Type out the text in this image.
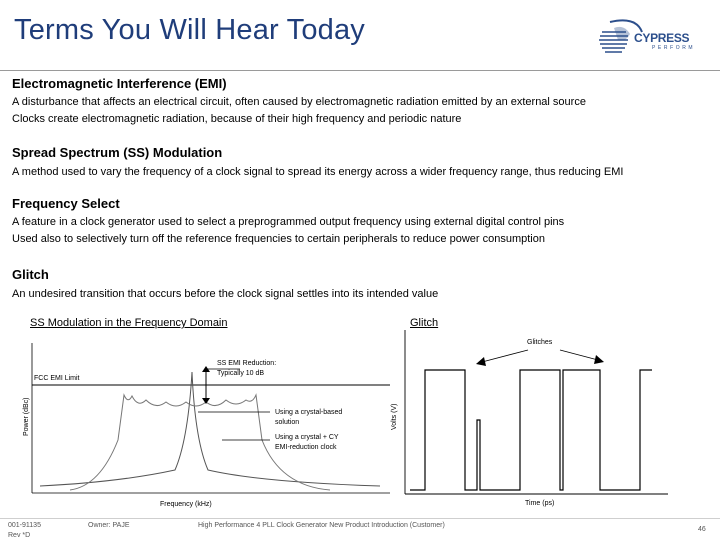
Terms You Will Hear Today	CYPRESS
PERFORM
Electromagnetic Interference (EMI)
A disturbance that affects an electrical circuit, often caused by electromagnetic radiation emitted by an external source
Clocks create electromagnetic radiation, because of their high frequency and periodic nature
Spread Spectrum (SS) Modulation
A method used to vary the frequency of a clock signal to spread its energy across a wider frequency range, thus reducing EMI
Frequency Select
A feature in a clock generator used to select a preprogrammed output frequency using external digital control pins
Used also to selectively turn off the reference frequencies to certain peripherals to reduce power consumption
Glitch
An undesired transition that occurs before the clock signal settles into its intended value
SS Modulation in the Frequency Domain	Glitch
Power (dBc)
FCC EMI Limit
SS EMI Reduction:
Typically 10 dB
Using a crystal-based
solution
Using a crystal + CY
EMI-reduction clock
Frequency (kHz)
Glitches
Volts (V)
Time (ps)
001-91135
Rev *D
Owner: PAJE	High Performance 4 PLL Clock Generator New Product Introduction (Customer)
46
